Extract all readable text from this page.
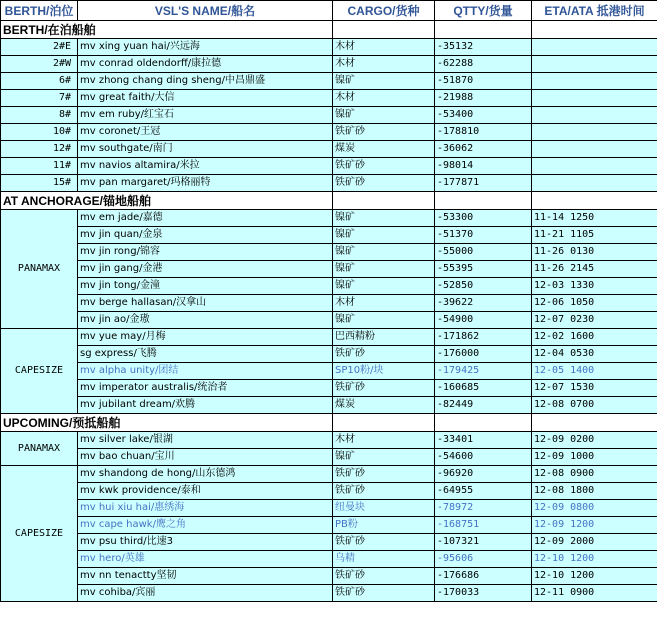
BERTH/泊位	VSL'S NAME/船名	CARGO/货种	QTTY/货量	ETA/ATA 抵港时间
BERTH/在泊船舶				
2#E	mv xing yuan hai/兴远海	木材	-35132	
2#W	mv conrad oldendorff/康拉德	木材	-62288	
6#	mv zhong chang ding sheng/中昌鼎盛	镍矿	-51870	
7#	mv great faith/大信	木材	-21988	
8#	mv em ruby/红宝石	镍矿	-53400	
10#	mv coronet/王冠	铁矿砂	-178810	
12#	mv southgate/南门	煤炭	-36062	
11#	mv navios altamira/米拉	铁矿砂	-98014	
15#	mv pan margaret/玛格丽特	铁矿砂	-177871	
AT ANCHORAGE/锚地船舶				
PANAMAX	mv em jade/嘉德	镍矿	-53300	11-14 1250
	mv jin quan/金泉	镍矿	-51370	11-21 1105
	mv jin rong/锦容	镍矿	-55000	11-26 0130
	mv jin gang/金港	镍矿	-55395	11-26 2145
	mv jin tong/金潼	镍矿	-52850	12-03 1330
	mv berge hallasan/汉拿山	木材	-39622	12-06 1050
	mv jin ao/金璈	镍矿	-54900	12-07 0230
CAPESIZE	mv yue may/月梅	巴西精粉	-171862	12-02 1600
	sg express/飞腾	铁矿砂	-176000	12-04 0530
	mv alpha unity/团结	SP10粉/块	-179425	12-05 1400
	mv imperator australis/统治者	铁矿砂	-160685	12-07 1530
	mv jubilant dream/欢腾	煤炭	-82449	12-08 0700
UPCOMING/预抵船舶				
PANAMAX	mv silver lake/银湖	木材	-33401	12-09 0200
	mv bao chuan/宝川	镍矿	-54600	12-09 1000
CAPESIZE	mv shandong de hong/山东德鸿	铁矿砂	-96920	12-08 0900
	mv kwk providence/泰和	铁矿砂	-64955	12-08 1800
	mv hui xiu hai/惠绣海	纽曼块	-78972	12-09 0800
	mv cape hawk/鹰之角	PB粉	-168751	12-09 1200
	mv psu third/比速3	铁矿砂	-107321	12-09 2000
	mv hero/英雄	乌精	-95606	12-10 1200
	mv nn tenactty坚韧	铁矿砂	-176686	12-10 1200
	mv cohiba/宾丽	铁矿砂	-170033	12-11 0900
